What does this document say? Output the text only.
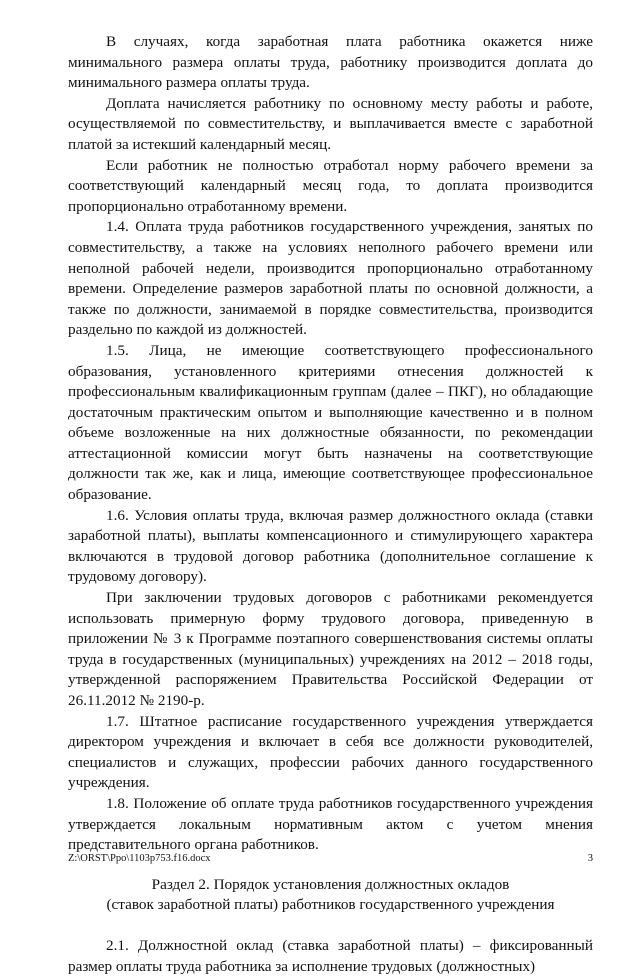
В случаях, когда заработная плата работника окажется ниже минимального размера оплаты труда, работнику производится доплата до минимального размера оплаты труда.

Доплата начисляется работнику по основному месту работы и работе, осуществляемой по совместительству, и выплачивается вместе с заработной платой за истекший календарный месяц.

Если работник не полностью отработал норму рабочего времени за соответствующий календарный месяц года, то доплата производится пропорционально отработанному времени.

1.4. Оплата труда работников государственного учреждения, занятых по совместительству, а также на условиях неполного рабочего времени или неполной рабочей недели, производится пропорционально отработанному времени. Определение размеров заработной платы по основной должности, а также по должности, занимаемой в порядке совместительства, производится раздельно по каждой из должностей.

1.5. Лица, не имеющие соответствующего профессионального образования, установленного критериями отнесения должностей к профессиональным квалификационным группам (далее – ПКГ), но обладающие достаточным практическим опытом и выполняющие качественно и в полном объеме возложенные на них должностные обязанности, по рекомендации аттестационной комиссии могут быть назначены на соответствующие должности так же, как и лица, имеющие соответствующее профессиональное образование.

1.6. Условия оплаты труда, включая размер должностного оклада (ставки заработной платы), выплаты компенсационного и стимулирующего характера включаются в трудовой договор работника (дополнительное соглашение к трудовому договору).

При заключении трудовых договоров с работниками рекомендуется использовать примерную форму трудового договора, приведенную в приложении № 3 к Программе поэтапного совершенствования системы оплаты труда в государственных (муниципальных) учреждениях на 2012 – 2018 годы, утвержденной распоряжением Правительства Российской Федерации от 26.11.2012 № 2190-р.

1.7. Штатное расписание государственного учреждения утверждается директором учреждения и включает в себя все должности руководителей, специалистов и служащих, профессии рабочих данного государственного учреждения.

1.8. Положение об оплате труда работников государственного учреждения утверждается локальным нормативным актом с учетом мнения представительного органа работников.

Раздел 2. Порядок установления должностных окладов
(ставок заработной платы) работников государственного учреждения

2.1. Должностной оклад (ставка заработной платы) – фиксированный размер оплаты труда работника за исполнение трудовых (должностных)

Z:\ORST\Ppo\1103p753.f16.docx	3
